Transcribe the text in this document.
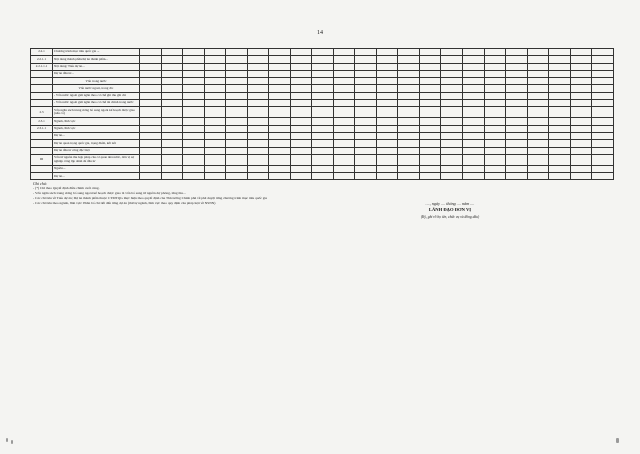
14
2.2.1	Chương trình mục tiêu quốc gia ...																						
2.2.1.1	Nội dung thành phần/dự án thành phần...																						
2.2.1.1.1	Nội dung/ Tiểu dự án...																						
	Dự án đầu tư...																						
	Vốn trong nước																						
	Vốn nước ngoài, trong đó:																						
	- Vốn nước ngoài giải ngân theo cơ chế ghi thu ghi chi																						
	- Vốn nước ngoài giải ngân theo cơ chế tài chính trong nước																						
2.3	Vốn ngân sách trung ương bổ sung ngoài kế hoạch được giao (nếu có)																						
2.3.1	Ngành, lĩnh vực																						
2.3.1.1	Ngành, lĩnh vực																						
	Dự án...																						
	Dự án quan trọng quốc gia, trọng điểm, kết nối																						
	Dự án đầu tư công đặc biệt																						
III	Vốn từ nguồn thu hợp pháp của cơ quan nhà nước, đơn vị sự nghiệp công lập dành để đầu tư																						
	Nguồn...																						
	Dự án...																						
Ghi chú:
- (*) Chỉ theo Quyết định điều chỉnh cuối cùng.
- Vốn ngân sách trung ương bổ sung ngoài kế hoạch được giao là vốn bổ sung từ nguồn dự phòng, tăng thu...
- Các chỉ tiêu về Tiểu dự án; Dự án thành phần thuộc CTMTQG thực hiện theo quyết định của Thủ tướng Chính phủ về phê duyệt từng chương trình mục tiêu quốc gia
- Các chỉ tiêu theo ngành, lĩnh vực: Phân bổ chi tiết đến từng dự án (thứ tự ngành, lĩnh vực theo quy định của pháp luật về NSNN)	...., ngày .... tháng .... năm ....
LÃNH ĐẠO ĐƠN VỊ
(Ký, ghi rõ họ tên, chức vụ và đóng dấu)
